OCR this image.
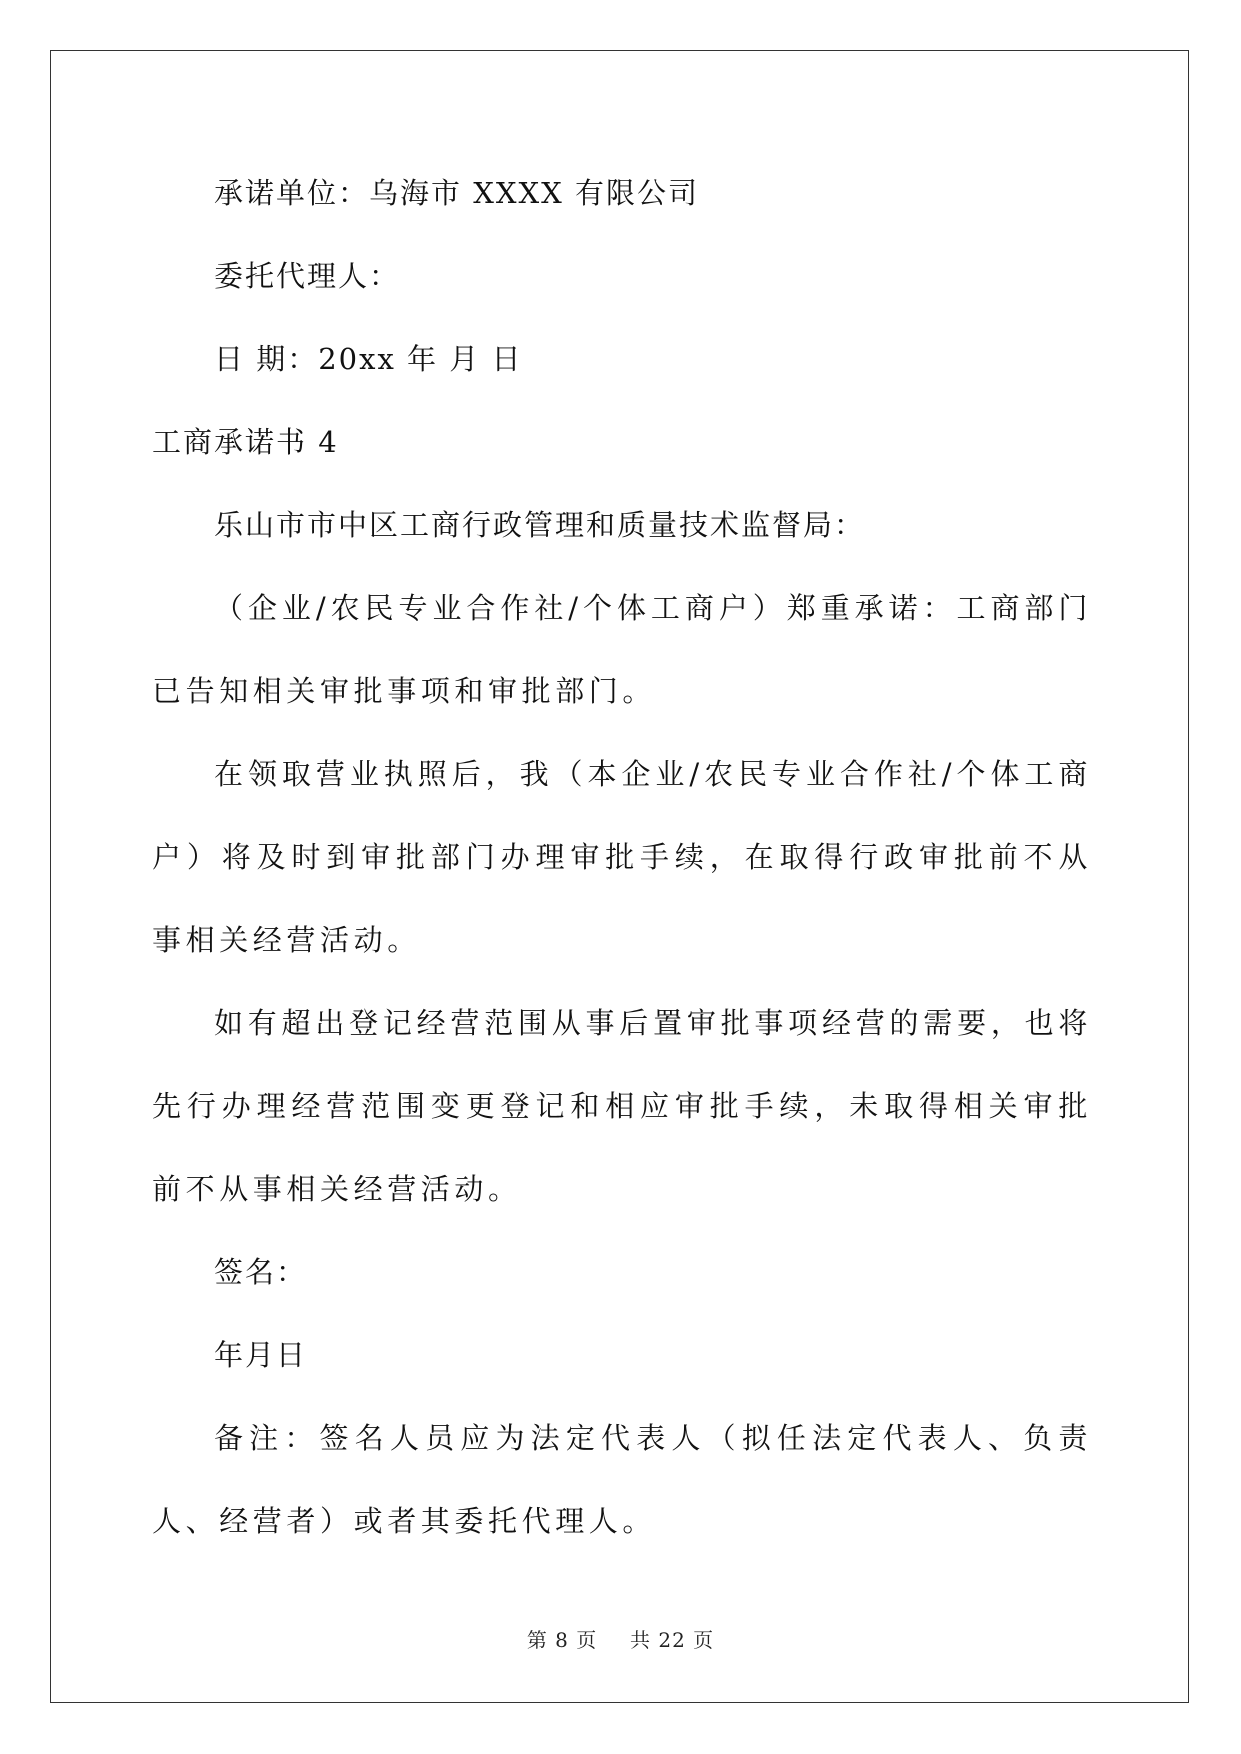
承诺单位：乌海市 XXXX 有限公司
委托代理人：
日 期：20xx 年 月 日
工商承诺书 4
乐山市市中区工商行政管理和质量技术监督局：
（企业/农民专业合作社/个体工商户）郑重承诺：工商部门已告知相关审批事项和审批部门。
在领取营业执照后，我（本企业/农民专业合作社/个体工商户）将及时到审批部门办理审批手续，在取得行政审批前不从事相关经营活动。
如有超出登记经营范围从事后置审批事项经营的需要，也将先行办理经营范围变更登记和相应审批手续，未取得相关审批前不从事相关经营活动。
签名：
年月日
备注：签名人员应为法定代表人（拟任法定代表人、负责人、经营者）或者其委托代理人。
第 8 页 共 22 页
